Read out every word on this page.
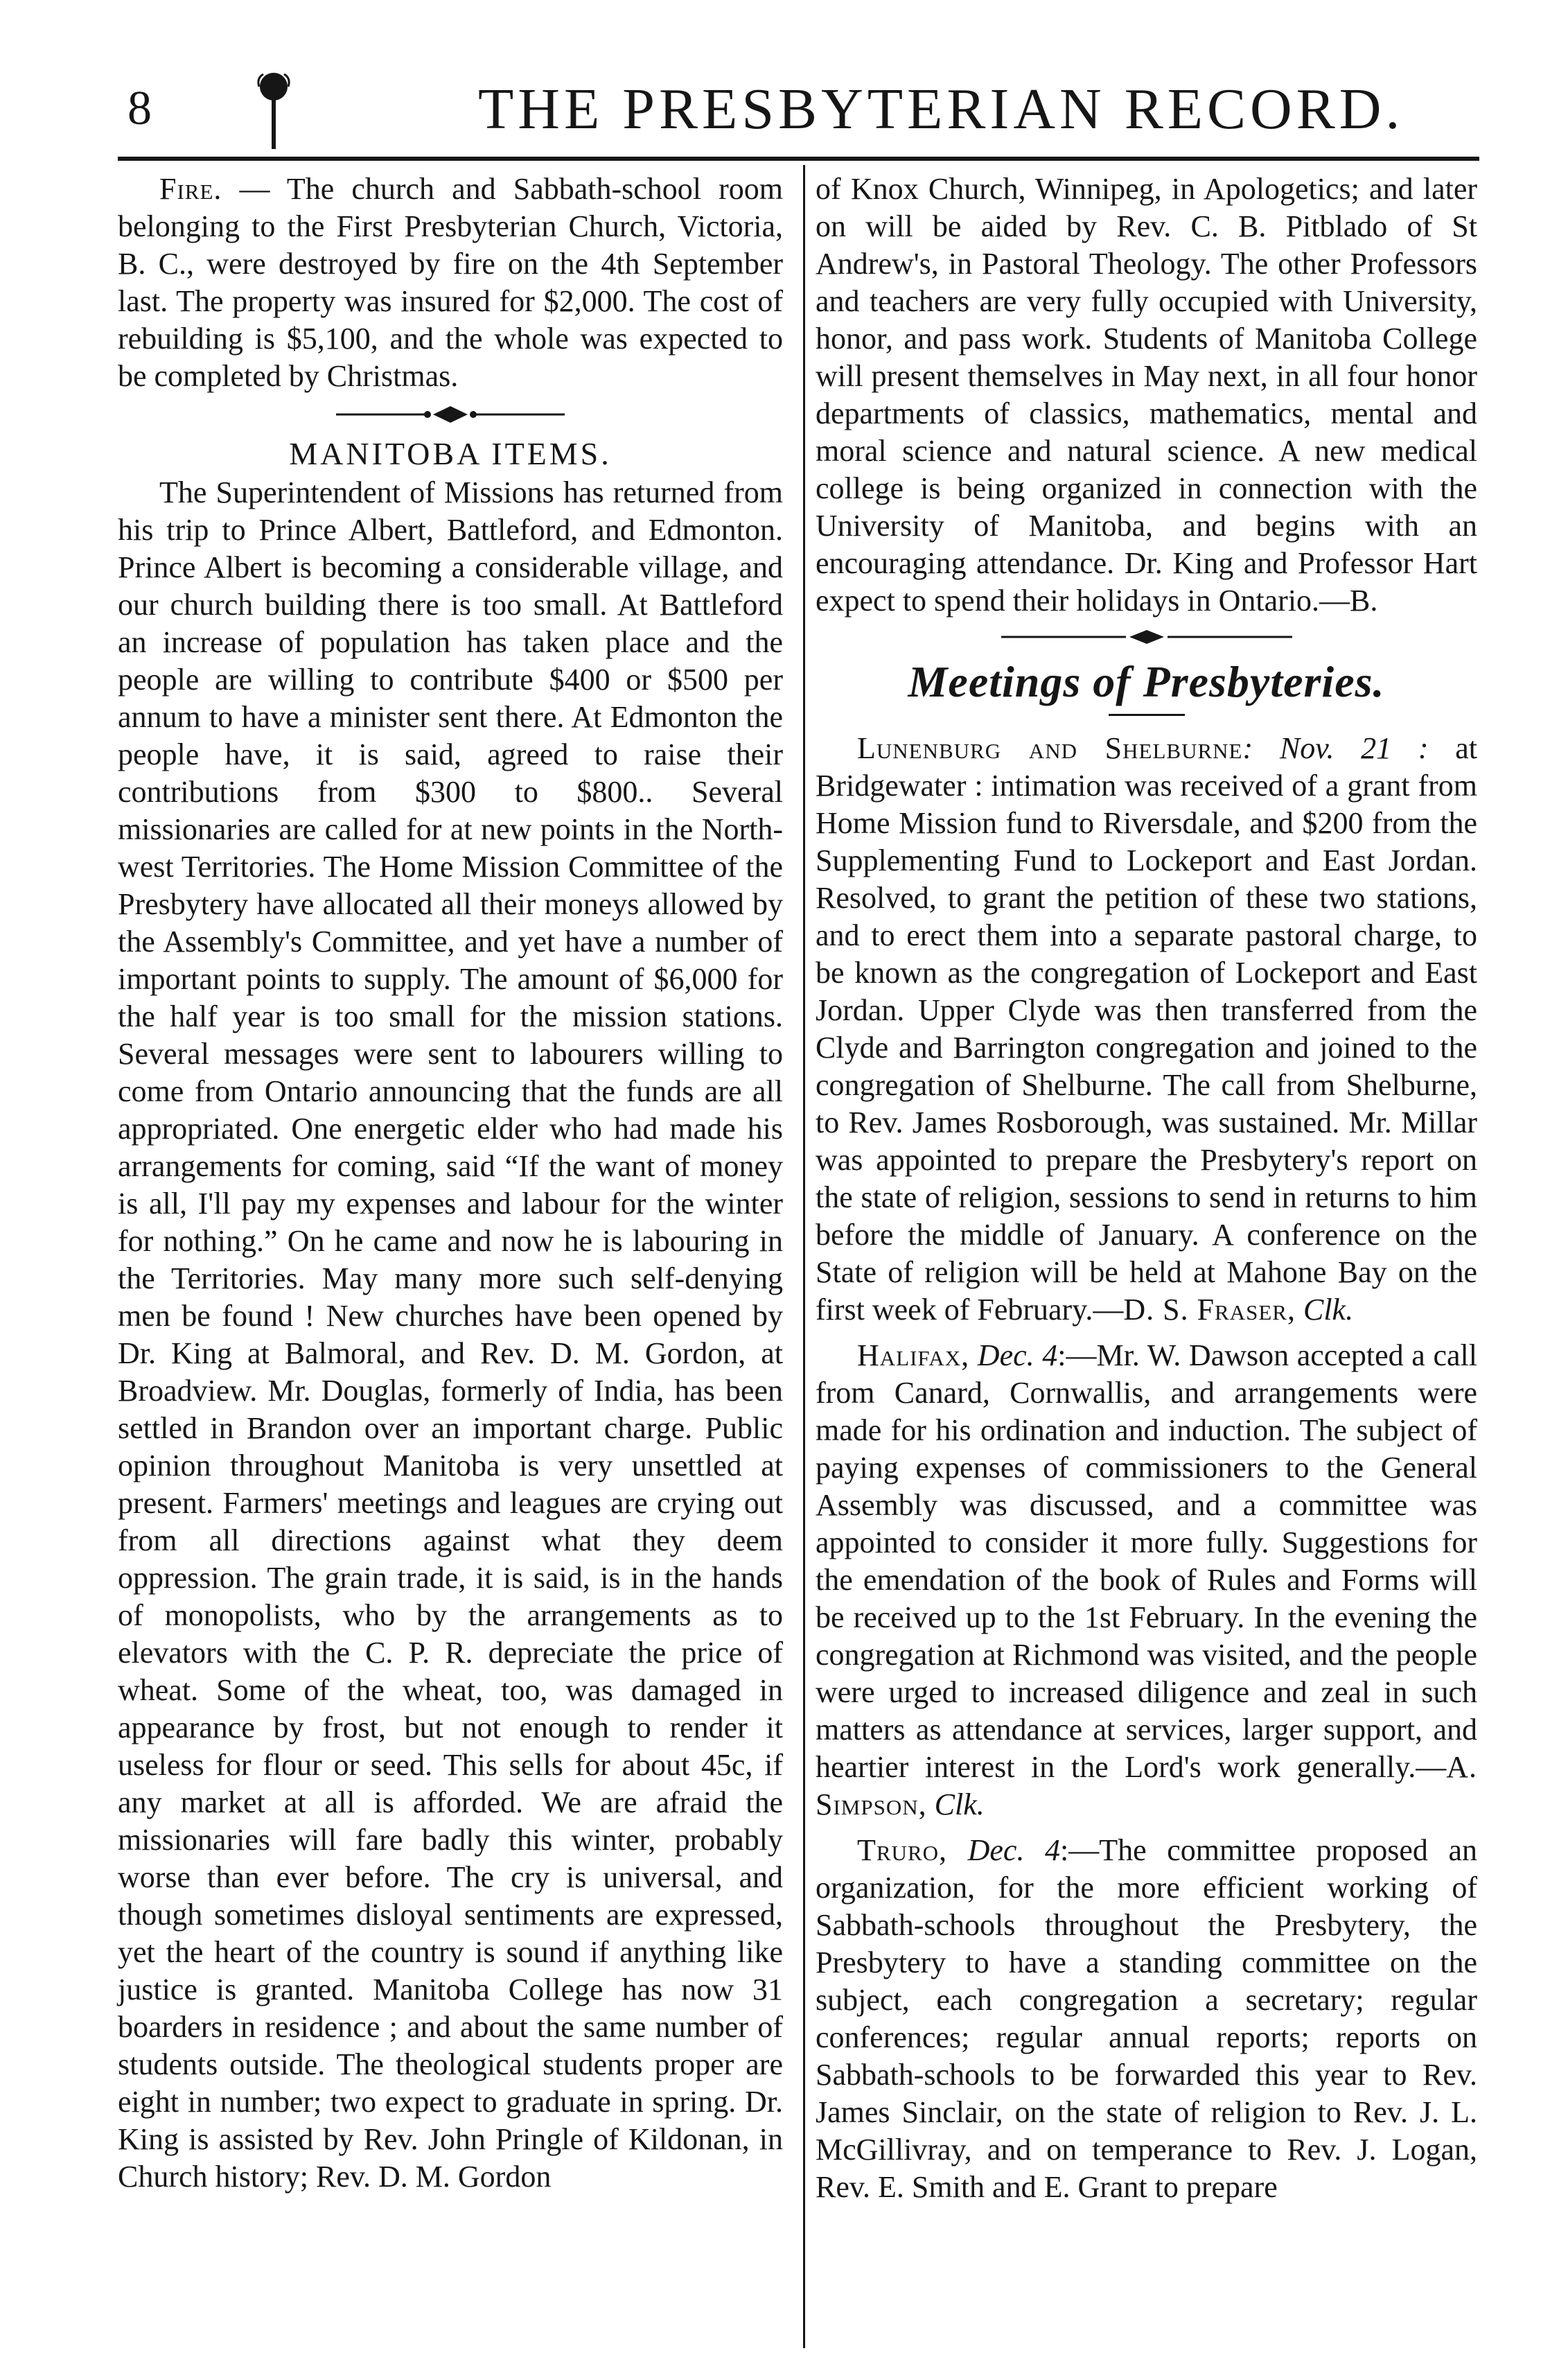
8	THE PRESBYTERIAN RECORD.

Fire. — The church and Sabbath-school room belonging to the First Presbyterian Church, Victoria, B. C., were destroyed by fire on the 4th September last. The property was insured for $2,000. The cost of rebuilding is $5,100, and the whole was expected to be completed by Christmas.

MANITOBA ITEMS.

The Superintendent of Missions has returned from his trip to Prince Albert, Battleford, and Edmonton. Prince Albert is becoming a considerable village, and our church building there is too small. At Battleford an increase of population has taken place and the people are willing to contribute $400 or $500 per annum to have a minister sent there. At Edmonton the people have, it is said, agreed to raise their contributions from $300 to $800.. Several missionaries are called for at new points in the North-west Territories. The Home Mission Committee of the Presbytery have allocated all their moneys allowed by the Assembly's Committee, and yet have a number of important points to supply. The amount of $6,000 for the half year is too small for the mission stations. Several messages were sent to labourers willing to come from Ontario announcing that the funds are all appropriated. One energetic elder who had made his arrangements for coming, said “If the want of money is all, I'll pay my expenses and labour for the winter for nothing.” On he came and now he is labouring in the Territories. May many more such self-denying men be found ! New churches have been opened by Dr. King at Balmoral, and Rev. D. M. Gordon, at Broadview. Mr. Douglas, formerly of India, has been settled in Brandon over an important charge. Public opinion throughout Manitoba is very unsettled at present. Farmers' meetings and leagues are crying out from all directions against what they deem oppression. The grain trade, it is said, is in the hands of monopolists, who by the arrangements as to elevators with the C. P. R. depreciate the price of wheat. Some of the wheat, too, was damaged in appearance by frost, but not enough to render it useless for flour or seed. This sells for about 45c, if any market at all is afforded. We are afraid the missionaries will fare badly this winter, probably worse than ever before. The cry is universal, and though sometimes disloyal sentiments are expressed, yet the heart of the country is sound if anything like justice is granted. Manitoba College has now 31 boarders in residence ; and about the same number of students outside. The theological students proper are eight in number; two expect to graduate in spring. Dr. King is assisted by Rev. John Pringle of Kildonan, in Church history; Rev. D. M. Gordon

of Knox Church, Winnipeg, in Apologetics; and later on will be aided by Rev. C. B. Pitblado of St Andrew's, in Pastoral Theology. The other Professors and teachers are very fully occupied with University, honor, and pass work. Students of Manitoba College will present themselves in May next, in all four honor departments of classics, mathematics, mental and moral science and natural science. A new medical college is being organized in connection with the University of Manitoba, and begins with an encouraging attendance. Dr. King and Professor Hart expect to spend their holidays in Ontario.—B.

Meetings of Presbyteries.

Lunenburg and Shelburne: Nov. 21 : at Bridgewater : intimation was received of a grant from Home Mission fund to Riversdale, and $200 from the Supplementing Fund to Lockeport and East Jordan. Resolved, to grant the petition of these two stations, and to erect them into a separate pastoral charge, to be known as the congregation of Lockeport and East Jordan. Upper Clyde was then transferred from the Clyde and Barrington congregation and joined to the congregation of Shelburne. The call from Shelburne, to Rev. James Rosborough, was sustained. Mr. Millar was appointed to prepare the Presbytery's report on the state of religion, sessions to send in returns to him before the middle of January. A conference on the State of religion will be held at Mahone Bay on the first week of February.—D. S. Fraser, Clk.

Halifax, Dec. 4:—Mr. W. Dawson accepted a call from Canard, Cornwallis, and arrangements were made for his ordination and induction. The subject of paying expenses of commissioners to the General Assembly was discussed, and a committee was appointed to consider it more fully. Suggestions for the emendation of the book of Rules and Forms will be received up to the 1st February. In the evening the congregation at Richmond was visited, and the people were urged to increased diligence and zeal in such matters as attendance at services, larger support, and heartier interest in the Lord's work generally.—A. Simpson, Clk.

Truro, Dec. 4:—The committee proposed an organization, for the more efficient working of Sabbath-schools throughout the Presbytery, the Presbytery to have a standing committee on the subject, each congregation a secretary; regular conferences; regular annual reports; reports on Sabbath-schools to be forwarded this year to Rev. James Sinclair, on the state of religion to Rev. J. L. McGillivray, and on temperance to Rev. J. Logan, Rev. E. Smith and E. Grant to prepare
